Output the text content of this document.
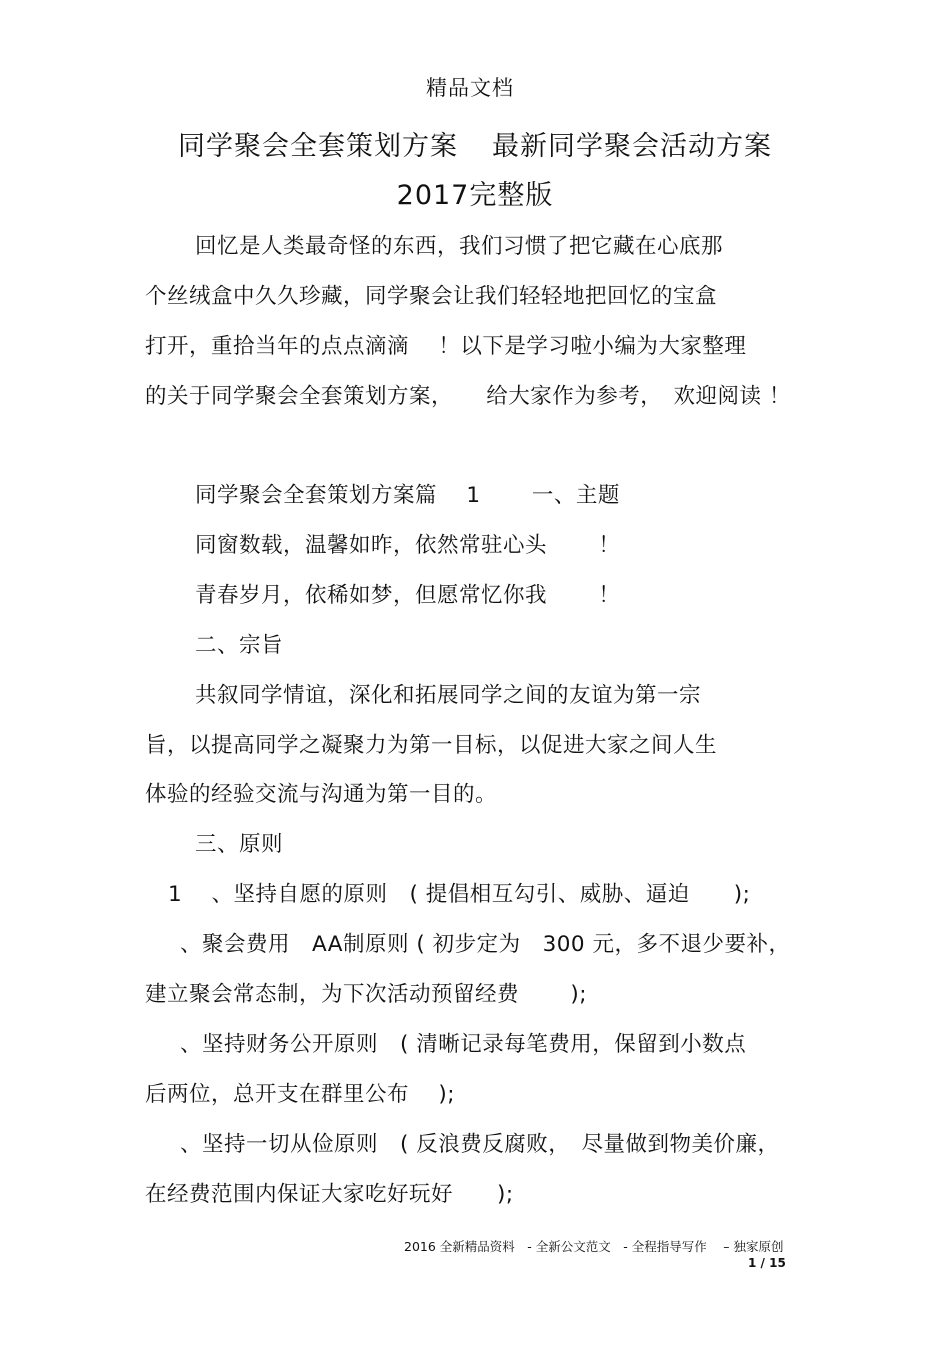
精品文档
同学聚会全套策划方案 最新同学聚会活动方案
2017完整版
回忆是人类最奇怪的东西，我们习惯了把它藏在心底那
个丝绒盒中久久珍藏，同学聚会让我们轻轻地把回忆的宝盒
打开，重拾当年的点点滴滴　 ！以下是学习啦小编为大家整理
的关于同学聚会全套策划方案，　　给大家作为参考，　欢迎阅读 ！
同学聚会全套策划方案篇　 1　　 一、主题
同窗数载，温馨如昨，依然常驻心头　　 ！
青春岁月，依稀如梦，但愿常忆你我　　 ！
二、宗旨
共叙同学情谊，深化和拓展同学之间的友谊为第一宗
旨，以提高同学之凝聚力为第一目标，以促进大家之间人生
体验的经验交流与沟通为第一目的。
三、原则
1　 、坚持自愿的原则　( 提倡相互勾引、威胁、逼迫　　);
、聚会费用　AA制原则 ( 初步定为　300 元，多不退少要补，
建立聚会常态制，为下次活动预留经费　　 );
、坚持财务公开原则　( 清晰记录每笔费用，保留到小数点
后两位，总开支在群里公布　 );
、坚持一切从俭原则　( 反浪费反腐败，　尽量做到物美价廉，
在经费范围内保证大家吃好玩好　　);
2016 全新精品资料　- 全新公文范文　- 全程指导写作　 – 独家原创
1 / 15
